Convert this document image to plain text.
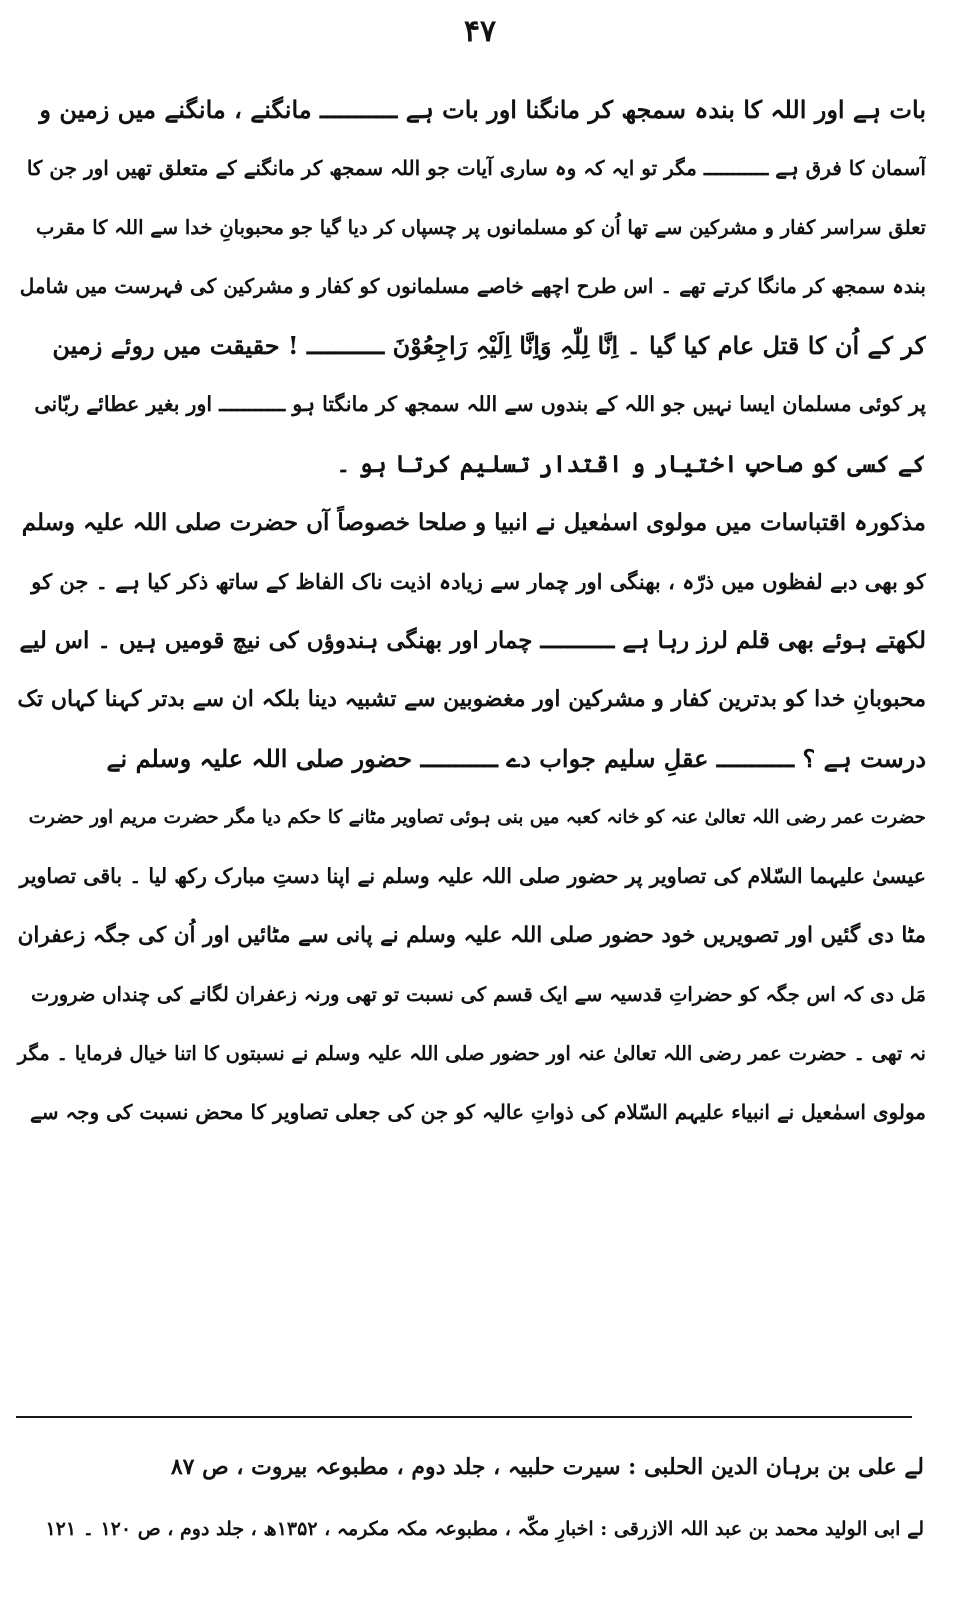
۴۷
بات ہے اور اللہ کا بندہ سمجھ کر مانگنا اور بات ہے ـــــــــــ مانگنے ، مانگنے میں زمین و
آسمان کا فرق ہے ـــــــــــ مگر تو ایہ کہ وہ ساری آیات جو اللہ سمجھ کر مانگنے کے متعلق تھیں اور جن کا
تعلق سراسر کفار و مشرکین سے تھا اُن کو مسلمانوں پر چسپاں کر دیا گیا جو محبوبانِ خدا سے اللہ کا مقرب
بندہ سمجھ کر مانگا کرتے تھے ۔ اس طرح اچھے خاصے مسلمانوں کو کفار و مشرکین کی فہرست میں شامل
کر کے اُن کا قتل عام کیا گیا ۔ اِنَّا لِلّٰہِ وَاِنَّا اِلَیْہِ رَاجِعُوْنَ ـــــــــــ ! حقیقت میں روئے زمین
پر کوئی مسلمان ایسا نہیں جو اللہ کے بندوں سے اللہ سمجھ کر مانگتا ہو ـــــــــــ اور بغیر عطائے ربّانی
کے کسی کو صاحبِ اختیار و اقتدار تسلیم کرتا ہو ۔
مذکورہ اقتباسات میں مولوی اسمٰعیل نے انبیا و صلحا خصوصاً آں حضرت صلی اللہ علیہ وسلم
کو بھی دبے لفظوں میں ذرّہ ، بھنگی اور چمار سے زیادہ اذیت ناک الفاظ کے ساتھ ذکر کیا ہے ۔ جن کو
لکھتے ہوئے بھی قلم لرز رہا ہے ـــــــــــ چمار اور بھنگی ہندوؤں کی نیچ قومیں ہیں ۔ اس لیے
محبوبانِ خدا کو بدترین کفار و مشرکین اور مغضوبین سے تشبیہ دینا بلکہ ان سے بدتر کہنا کہاں تک
درست ہے ؟ ـــــــــــ عقلِ سلیم جواب دے ـــــــــــ حضور صلی اللہ علیہ وسلم نے
حضرت عمر رضی اللہ تعالیٰ عنہ کو خانہ کعبہ میں بنی ہوئی تصاویر مٹانے کا حکم دیا مگر حضرت مریم اور حضرت
عیسیٰ علیہما السّلام کی تصاویر پر حضور صلی اللہ علیہ وسلم نے اپنا دستِ مبارک رکھ لیا ۔ باقی تصاویر
مٹا دی گئیں اور تصویریں خود حضور صلی اللہ علیہ وسلم نے پانی سے مٹائیں اور اُن کی جگہ زعفران
مَل دی کہ اس جگہ کو حضراتِ قدسیہ سے ایک قسم کی نسبت تو تھی ورنہ زعفران لگانے کی چنداں ضرورت
نہ تھی ۔ حضرت عمر رضی اللہ تعالیٰ عنہ اور حضور صلی اللہ علیہ وسلم نے نسبتوں کا اتنا خیال فرمایا ۔ مگر
مولوی اسمٰعیل نے انبیاء علیہم السّلام کی ذواتِ عالیہ کو جن کی جعلی تصاویر کا محض نسبت کی وجہ سے
لے علی بن برہان الدین الحلبی : سیرت حلبیہ ، جلد دوم ، مطبوعہ بیروت ، ص ۸۷
لے ابی الولید محمد بن عبد اللہ الازرقی : اخبارِ مکّہ ، مطبوعہ مکہ مکرمہ ، ۱۳۵۲ھ ، جلد دوم ، ص ۱۲۰ ۔ ۱۲۱
